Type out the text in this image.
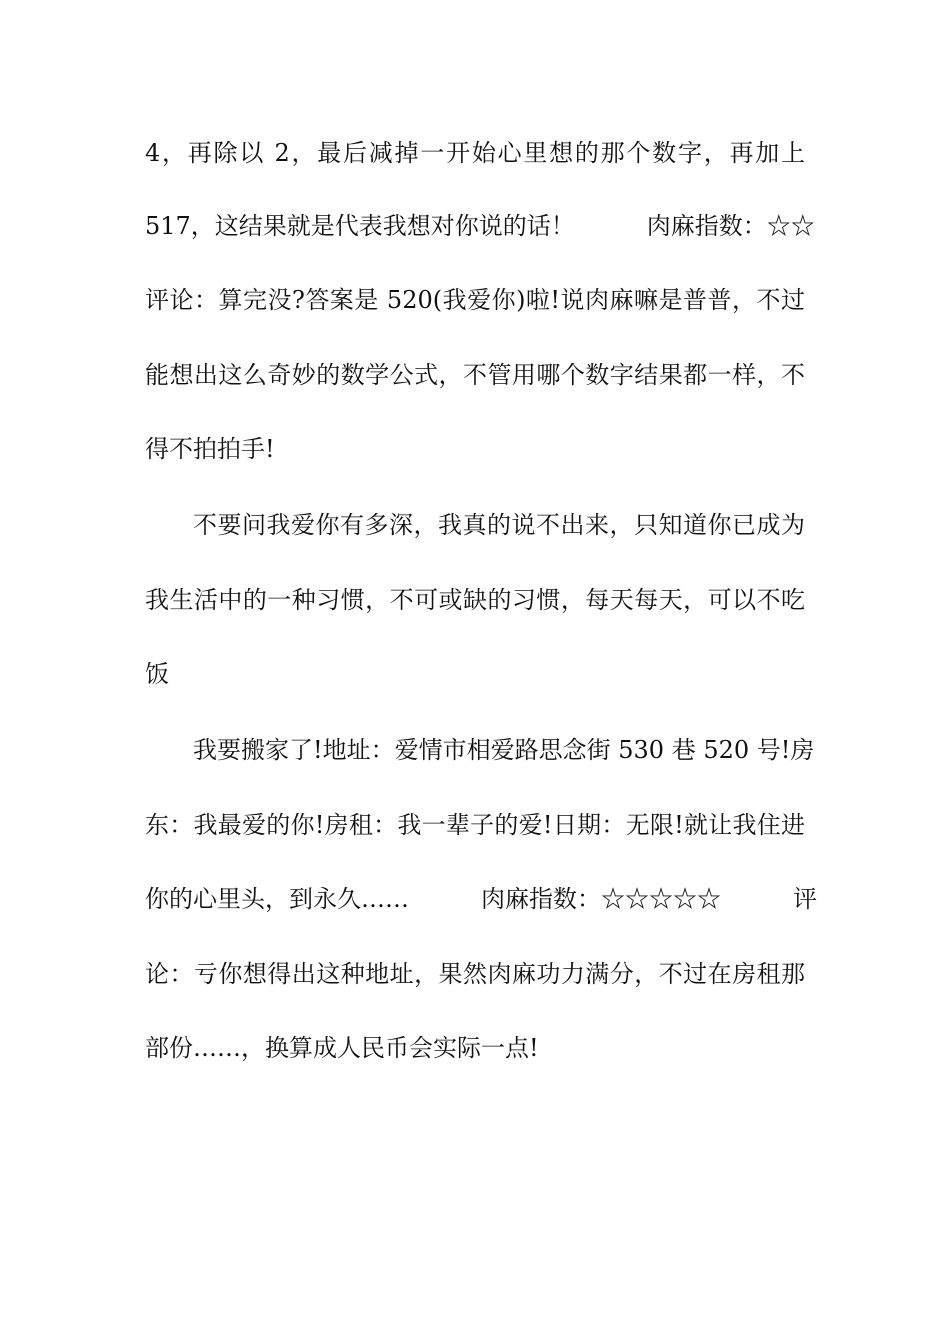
4，再除以 2，最后减掉一开始心里想的那个数字，再加上
517，这结果就是代表我想对你说的话！　　　肉麻指数：☆☆
评论：算完没?答案是 520(我爱你)啦!说肉麻嘛是普普，不过
能想出这么奇妙的数学公式，不管用哪个数字结果都一样，不
得不拍拍手!
不要问我爱你有多深，我真的说不出来，只知道你已成为
我生活中的一种习惯，不可或缺的习惯，每天每天，可以不吃
饭
我要搬家了!地址：爱情市相爱路思念街 530 巷 520 号!房
东：我最爱的你!房租：我一辈子的爱!日期：无限!就让我住进
你的心里头，到永久……　　　肉麻指数：☆☆☆☆☆　　　评
论：亏你想得出这种地址，果然肉麻功力满分，不过在房租那
部份……，换算成人民币会实际一点!
